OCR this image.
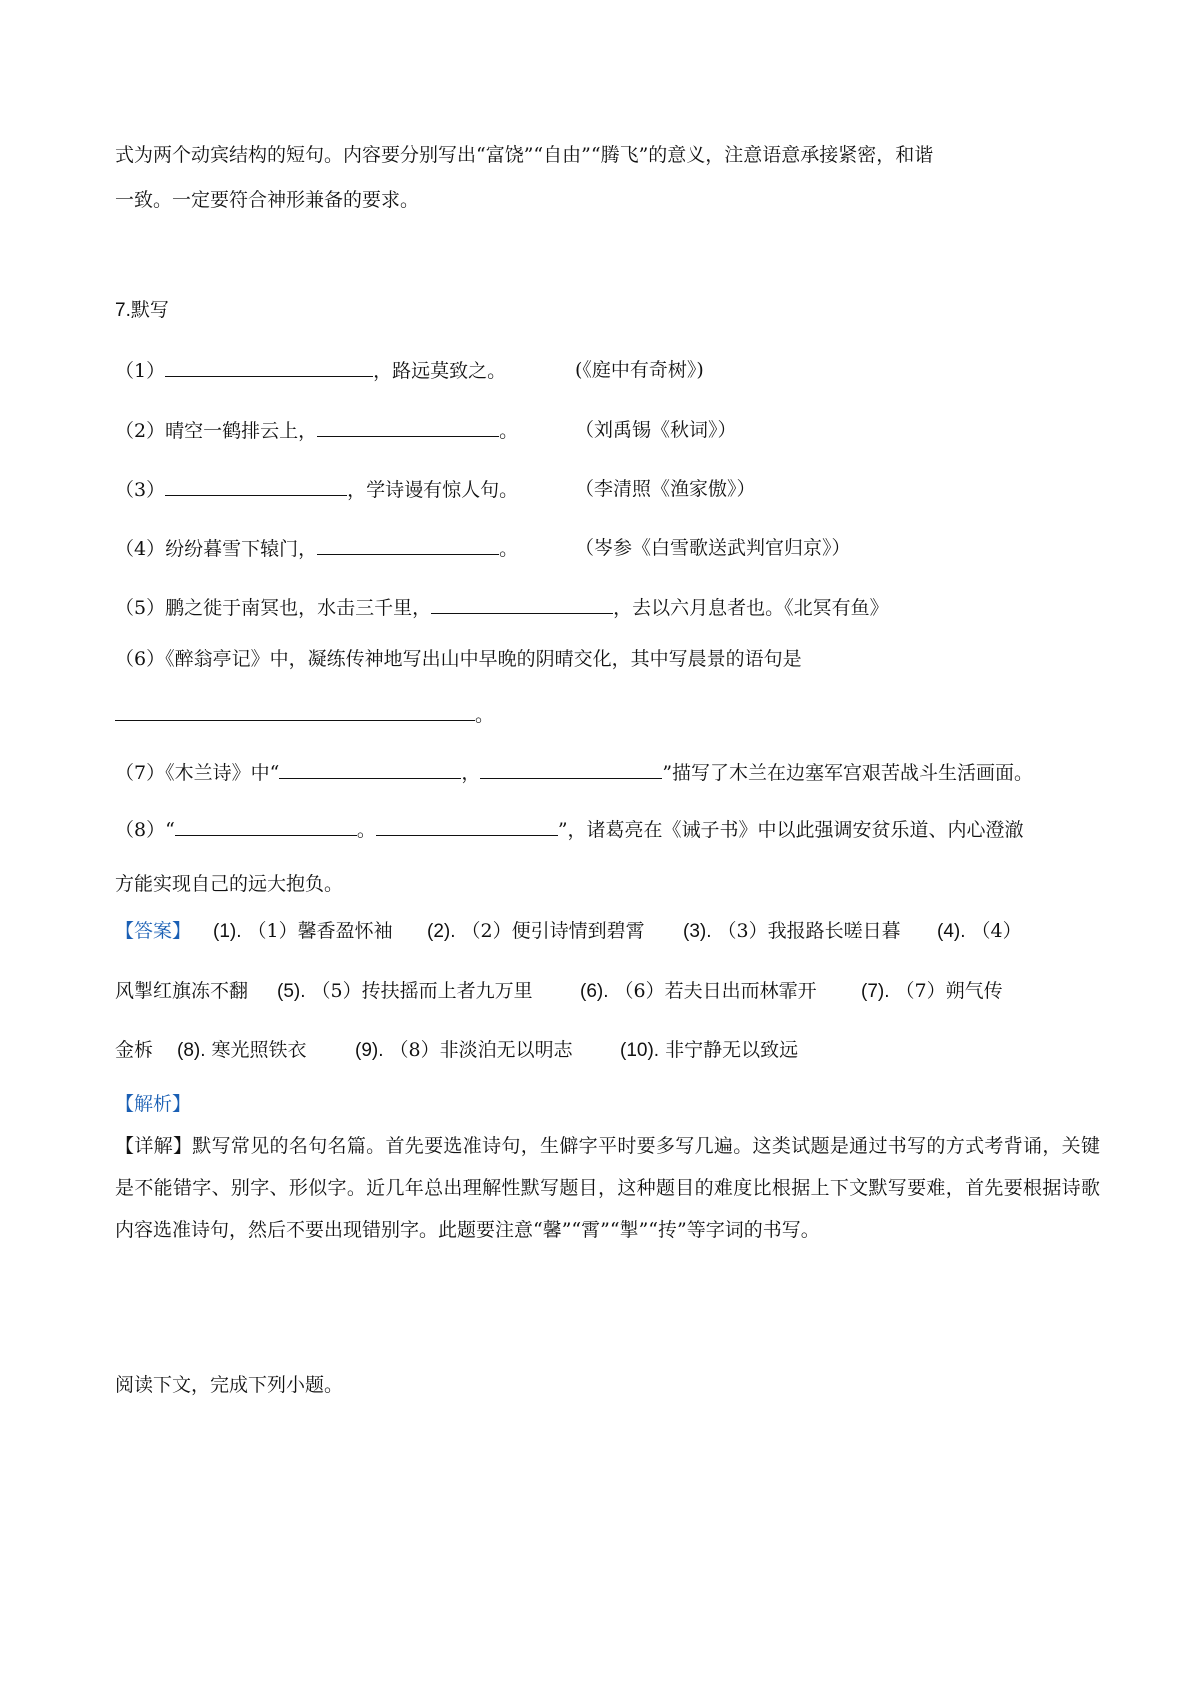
式为两个动宾结构的短句。内容要分别写出“富饶”“自由”“腾飞”的意义，注意语意承接紧密，和谐
一致。一定要符合神形兼备的要求。
7.默写
（1）	，路远莫致之。	(《庭中有奇树》)
（2）晴空一鹤排云上，	。	（刘禹锡《秋词》）
（3）	，学诗谩有惊人句。	（李清照《渔家傲》）
（4）纷纷暮雪下辕门，	。	（岑参《白雪歌送武判官归京》）
（5）鹏之徙于南冥也，水击三千里，	，去以六月息者也。《北冥有鱼》
（6）《醉翁亭记》中，凝练传神地写出山中早晚的阴晴交化，其中写晨景的语句是
。
（7）《木兰诗》中“	，	”描写了木兰在边塞军宫艰苦战斗生活画面。
（8）“	。	”，诸葛亮在《诫子书》中以此强调安贫乐道、内心澄澈
方能实现自己的远大抱负。
【答案】 (1). （1）馨香盈怀袖 (2). （2）便引诗情到碧霄 (3). （3）我报路长嗟日暮 (4). （4）
风掣红旗冻不翻 (5). （5）抟扶摇而上者九万里 (6). （6）若夫日出而林霏开 (7). （7）朔气传
金柝 (8). 寒光照铁衣	(9). （8）非淡泊无以明志 (10). 非宁静无以致远
【解析】
【详解】默写常见的名句名篇。首先要选准诗句，生僻字平时要多写几遍。这类试题是通过书写的方式考背诵，关键是不能错字、别字、形似字。近几年总出理解性默写题目，这种题目的难度比根据上下文默写要难，首先要根据诗歌内容选准诗句，然后不要出现错别字。此题要注意“馨”“霄”“掣”“抟”等字词的书写。
阅读下文，完成下列小题。
